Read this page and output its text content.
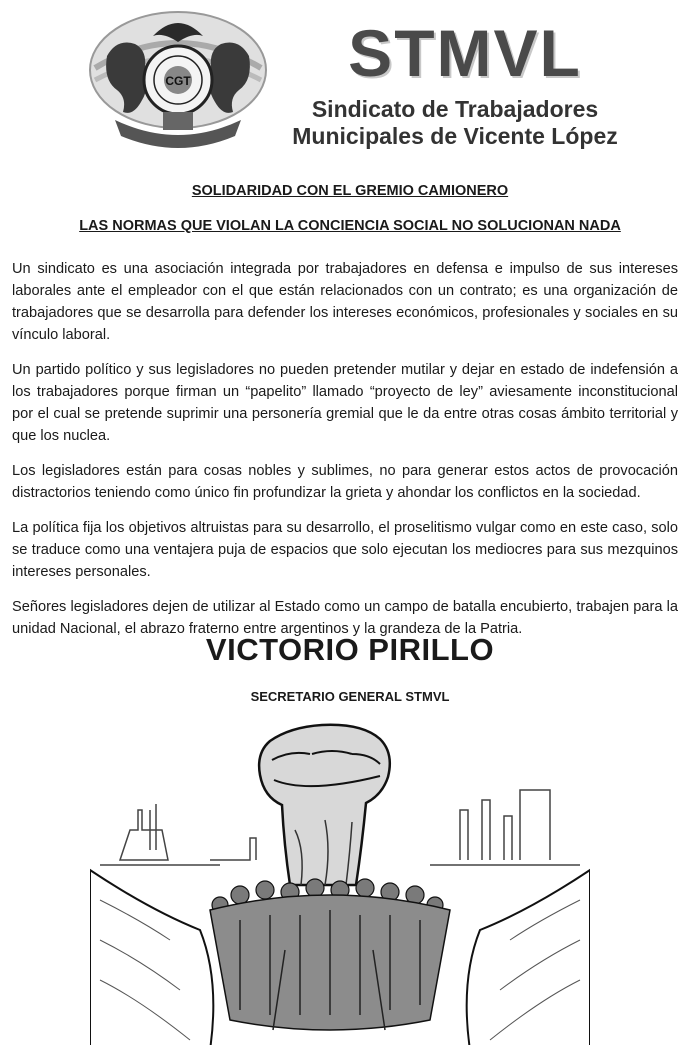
CGT	STMVL
Sindicato de Trabajadores
Municipales de Vicente López

SOLIDARIDAD CON EL GREMIO CAMIONERO

LAS NORMAS QUE VIOLAN LA CONCIENCIA SOCIAL NO SOLUCIONAN NADA

Un sindicato es una asociación integrada por trabajadores en defensa e impulso de sus intereses laborales ante el empleador con el que están relacionados con un contrato; es una organización de trabajadores que se desarrolla para defender los intereses económicos, profesionales y sociales en su vínculo laboral.

Un partido político y sus legisladores no pueden pretender mutilar y dejar en estado de indefensión a los trabajadores porque firman un “papelito” llamado “proyecto de ley” aviesamente inconstitucional por el cual se pretende suprimir una personería gremial que le da entre otras cosas ámbito territorial y que los nuclea.

Los legisladores están para cosas nobles y sublimes, no para generar estos actos de provocación distractorios teniendo como único fin profundizar la grieta y ahondar los conflictos en la sociedad.

La política fija los objetivos altruistas para su desarrollo, el proselitismo vulgar como en este caso, solo se traduce como una ventajera puja de espacios que solo ejecutan los mediocres para sus mezquinos intereses personales.

Señores legisladores dejen de utilizar al Estado como un campo de batalla encubierto, trabajen para la unidad Nacional, el abrazo fraterno entre argentinos y la grandeza de la Patria.

VICTORIO PIRILLO
SECRETARIO GENERAL STMVL
